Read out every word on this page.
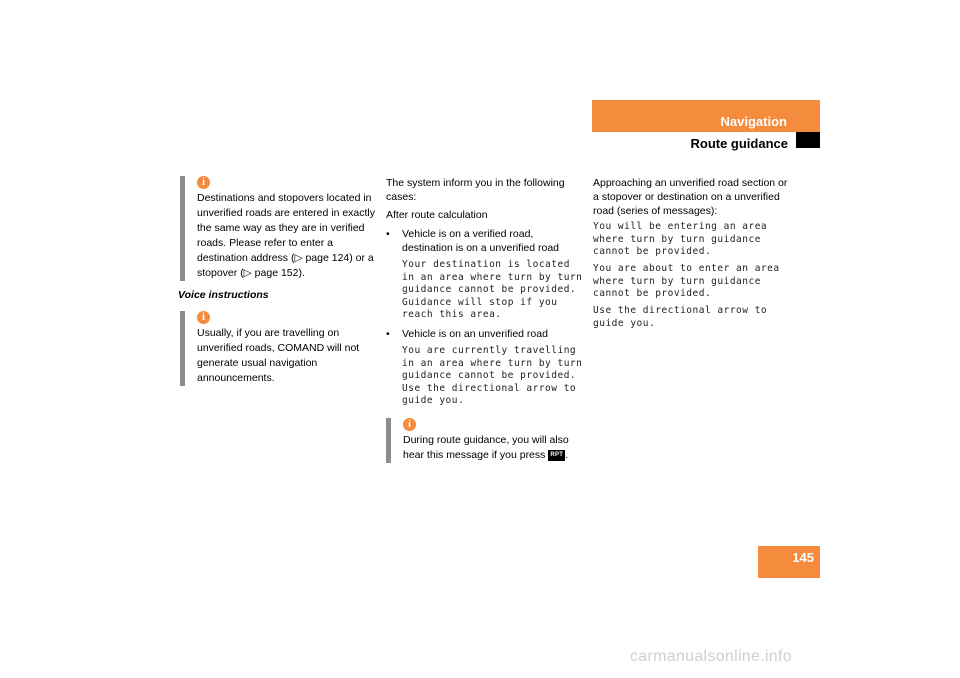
Navigation
Route guidance
i
Destinations and stopovers located in unverified roads are entered in exactly the same way as they are in verified roads. Please refer to enter a destination address (▷ page 124) or a stopover (▷ page 152).
Voice instructions
i
Usually, if you are travelling on unverified roads, COMAND will not generate usual navigation announcements.
The system inform you in the following cases:
After route calculation
• Vehicle is on a verified road, destination is on a unverified road
Your destination is located
in an area where turn by turn
guidance cannot be provided.
Guidance will stop if you
reach this area.
• Vehicle is on an unverified road
You are currently travelling
in an area where turn by turn
guidance cannot be provided.
Use the directional arrow to
guide you.
i
During route guidance, you will also hear this message if you press RPT .
Approaching an unverified road section or a stopover or destination on a unverified road (series of messages):
You will be entering an area
where turn by turn guidance
cannot be provided.
You are about to enter an area
where turn by turn guidance
cannot be provided.
Use the directional arrow to
guide you.
145
carmanualsonline.info
